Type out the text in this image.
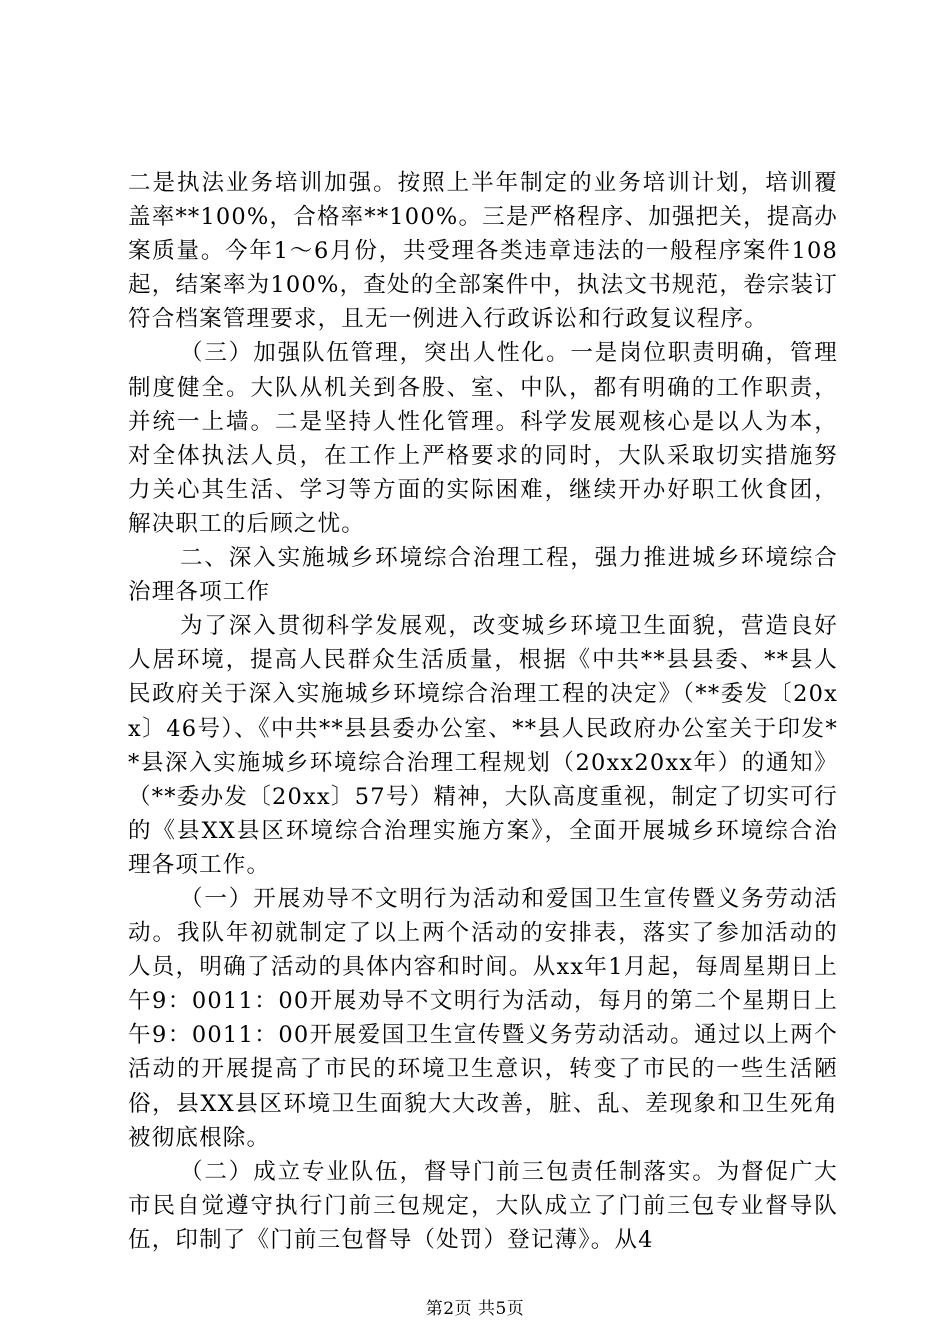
二是执法业务培训加强。按照上半年制定的业务培训计划，培训覆盖率**100%，合格率**100%。三是严格程序、加强把关，提高办案质量。今年1～6月份，共受理各类违章违法的一般程序案件108起，结案率为100%，查处的全部案件中，执法文书规范，卷宗装订符合档案管理要求，且无一例进入行政诉讼和行政复议程序。

（三）加强队伍管理，突出人性化。一是岗位职责明确，管理制度健全。大队从机关到各股、室、中队，都有明确的工作职责，并统一上墙。二是坚持人性化管理。科学发展观核心是以人为本，对全体执法人员，在工作上严格要求的同时，大队采取切实措施努力关心其生活、学习等方面的实际困难，继续开办好职工伙食团，解决职工的后顾之忧。

二、深入实施城乡环境综合治理工程，强力推进城乡环境综合治理各项工作

为了深入贯彻科学发展观，改变城乡环境卫生面貌，营造良好人居环境，提高人民群众生活质量，根据《中共**县县委、**县人民政府关于深入实施城乡环境综合治理工程的决定》（**委发〔20xx〕46号）、《中共**县县委办公室、**县人民政府办公室关于印发**县深入实施城乡环境综合治理工程规划（20xx20xx年）的通知》（**委办发〔20xx〕57号）精神，大队高度重视，制定了切实可行的《县XX县区环境综合治理实施方案》，全面开展城乡环境综合治理各项工作。

（一）开展劝导不文明行为活动和爱国卫生宣传暨义务劳动活动。我队年初就制定了以上两个活动的安排表，落实了参加活动的人员，明确了活动的具体内容和时间。从xx年1月起，每周星期日上午9：0011：00开展劝导不文明行为活动，每月的第二个星期日上午9：0011：00开展爱国卫生宣传暨义务劳动活动。通过以上两个活动的开展提高了市民的环境卫生意识，转变了市民的一些生活陋俗，县XX县区环境卫生面貌大大改善，脏、乱、差现象和卫生死角被彻底根除。

（二）成立专业队伍，督导门前三包责任制落实。为督促广大市民自觉遵守执行门前三包规定，大队成立了门前三包专业督导队伍，印制了《门前三包督导（处罚）登记薄》。从4

第2页 共5页
